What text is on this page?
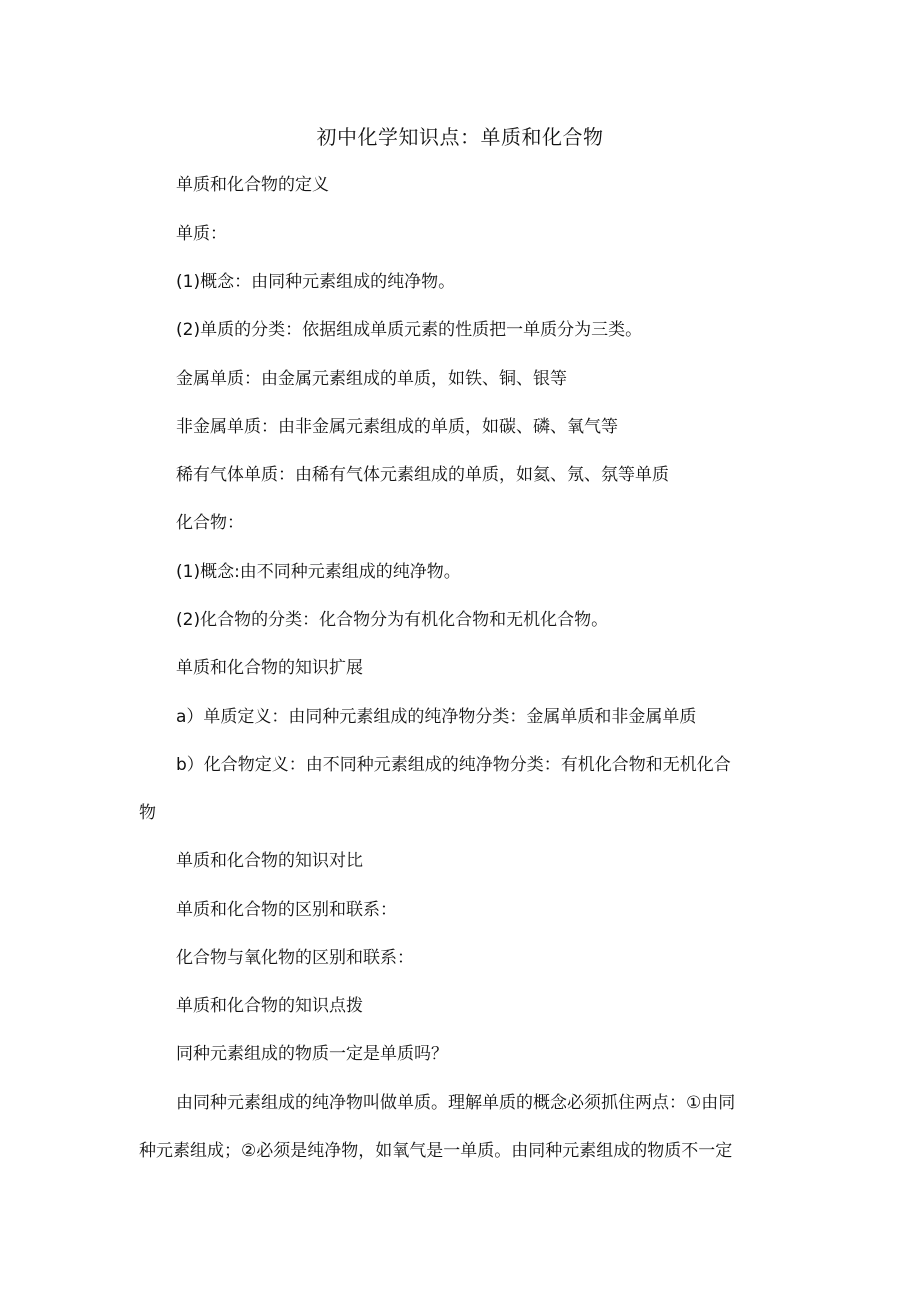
初中化学知识点：单质和化合物
单质和化合物的定义
单质：
(1)概念：由同种元素组成的纯净物。
(2)单质的分类：依据组成单质元素的性质把一单质分为三类。
金属单质：由金属元素组成的单质，如铁、铜、银等
非金属单质：由非金属元素组成的单质，如碳、磷、氧气等
稀有气体单质：由稀有气体元素组成的单质，如氦、氖、氛等单质
化合物：
(1)概念:由不同种元素组成的纯净物。
(2)化合物的分类：化合物分为有机化合物和无机化合物。
单质和化合物的知识扩展
a）单质定义：由同种元素组成的纯净物分类：金属单质和非金属单质
b）化合物定义：由不同种元素组成的纯净物分类：有机化合物和无机化合
物
单质和化合物的知识对比
单质和化合物的区别和联系：
化合物与氧化物的区别和联系：
单质和化合物的知识点拨
同种元素组成的物质一定是单质吗？
由同种元素组成的纯净物叫做单质。理解单质的概念必须抓住两点：①由同
种元素组成；②必须是纯净物，如氧气是一单质。由同种元素组成的物质不一定
